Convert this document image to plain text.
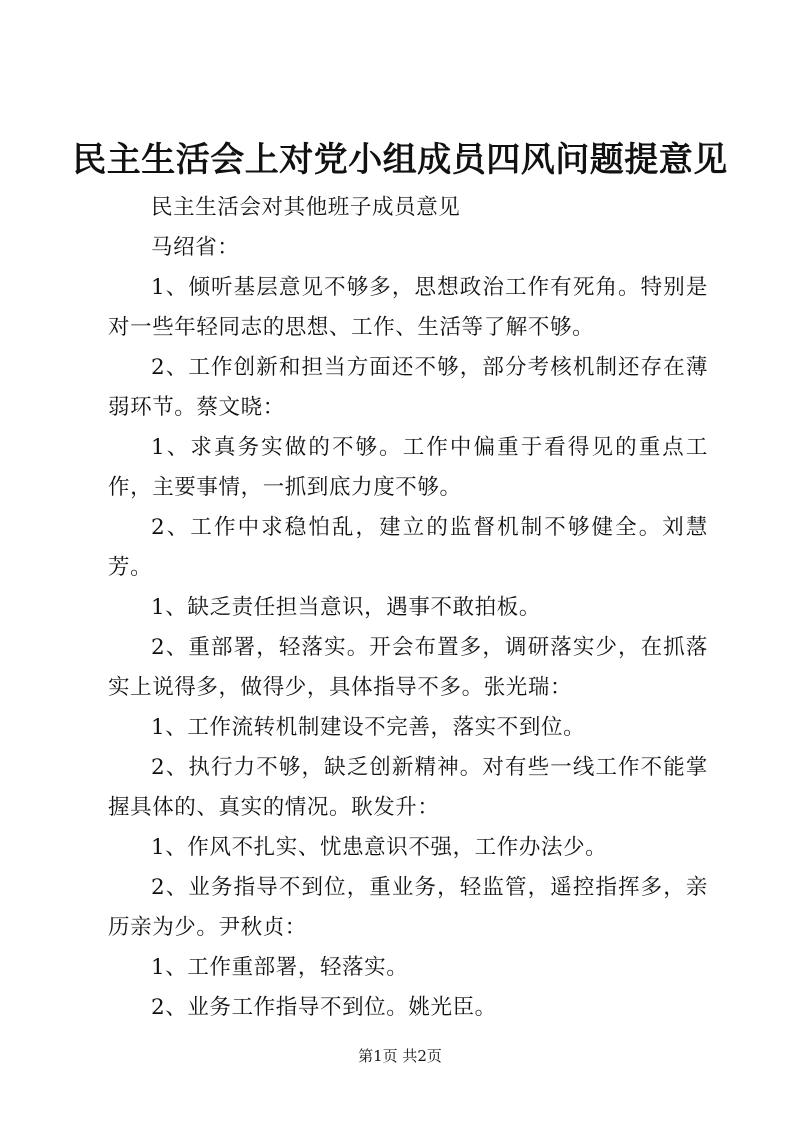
民主生活会上对党小组成员四风问题提意见

民主生活会对其他班子成员意见

马绍省：

1、倾听基层意见不够多，思想政治工作有死角。特别是对一些年轻同志的思想、工作、生活等了解不够。

2、工作创新和担当方面还不够，部分考核机制还存在薄弱环节。蔡文晓：

1、求真务实做的不够。工作中偏重于看得见的重点工作，主要事情，一抓到底力度不够。

2、工作中求稳怕乱，建立的监督机制不够健全。刘慧芳。

1、缺乏责任担当意识，遇事不敢拍板。

2、重部署，轻落实。开会布置多，调研落实少，在抓落实上说得多，做得少，具体指导不多。张光瑞：

1、工作流转机制建设不完善，落实不到位。

2、执行力不够，缺乏创新精神。对有些一线工作不能掌握具体的、真实的情况。耿发升：

1、作风不扎实、忧患意识不强，工作办法少。

2、业务指导不到位，重业务，轻监管，遥控指挥多，亲历亲为少。尹秋贞：

1、工作重部署，轻落实。

2、业务工作指导不到位。姚光臣。

第1页 共2页
